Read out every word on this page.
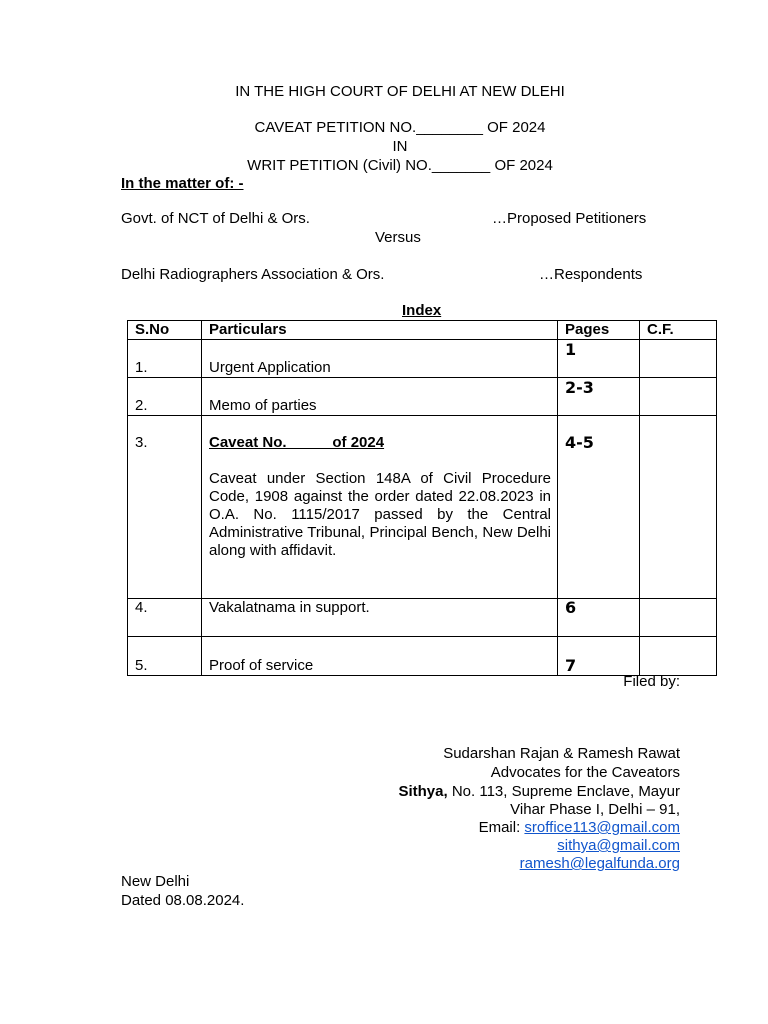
IN THE HIGH COURT OF DELHI AT NEW DLEHI
CAVEAT PETITION NO.________ OF 2024
IN
WRIT PETITION (Civil) NO._______ OF 2024
In the matter of: -
Govt. of NCT of Delhi & Ors.	…Proposed Petitioners
Versus
Delhi Radiographers Association & Ors.	…Respondents
Index
S.No	Particulars	Pages	C.F.
1.	Urgent Application	1	
2.	Memo of parties	2-3	
3.	Caveat No.           of 2024
Caveat under Section 148A of Civil Procedure Code, 1908 against the order dated 22.08.2023 in O.A. No. 1115/2017 passed by the Central Administrative Tribunal, Principal Bench, New Delhi along with affidavit.	4-5	
4.	Vakalatnama in support.	6	
5.	Proof of service	7	
Filed by:
Sudarshan Rajan & Ramesh Rawat
Advocates for the Caveators
Sithya, No. 113, Supreme Enclave, Mayur
Vihar Phase I, Delhi – 91,
Email: sroffice113@gmail.com
sithya@gmail.com
ramesh@legalfunda.org
New Delhi
Dated 08.08.2024.
